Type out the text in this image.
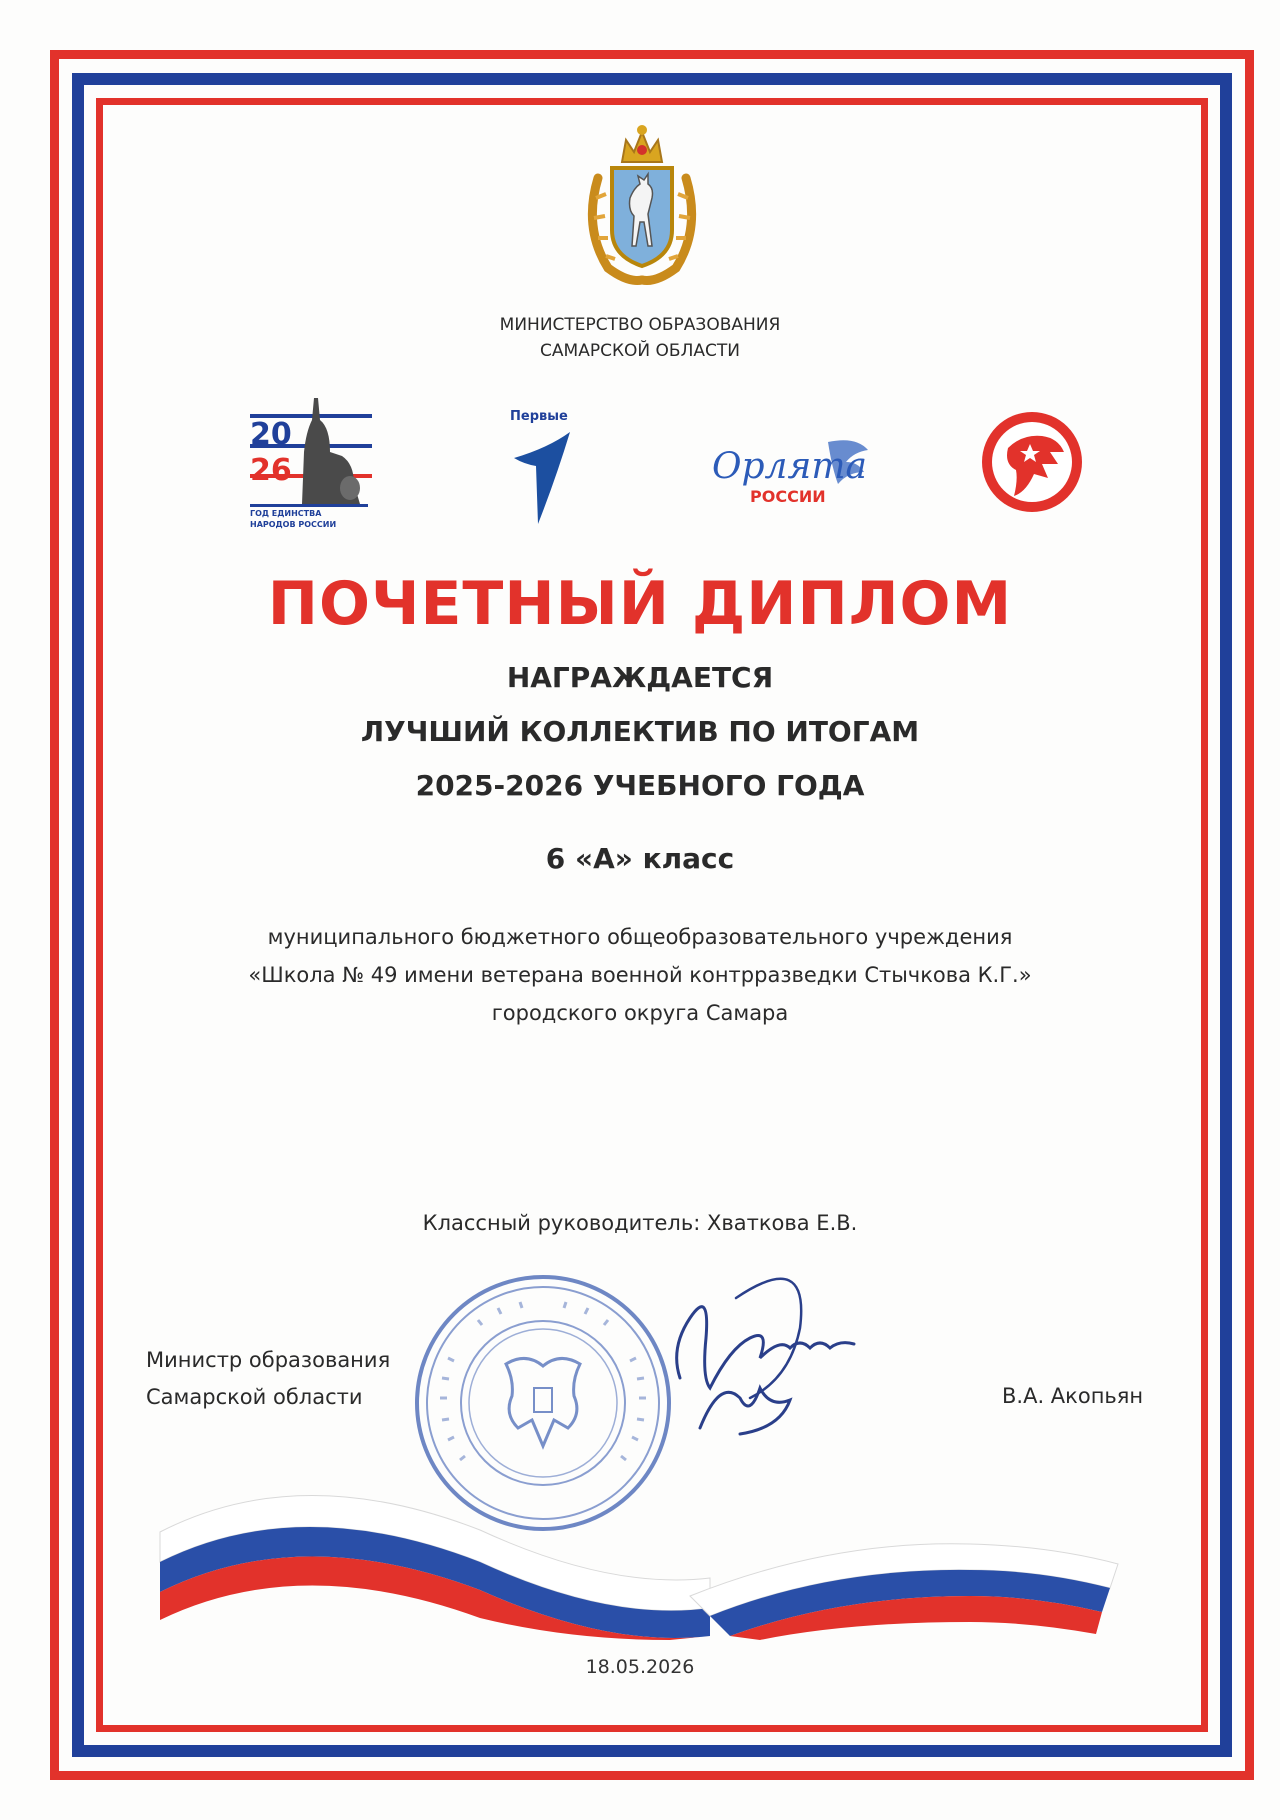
МИНИСТЕРСТВО ОБРАЗОВАНИЯ
САМАРСКОЙ ОБЛАСТИ
20
26
ГОД ЕДИНСТВА
НАРОДОВ РОССИИ
Первые
Орлята
РОССИИ
ПОЧЕТНЫЙ ДИПЛОМ
НАГРАЖДАЕТСЯ
ЛУЧШИЙ КОЛЛЕКТИВ ПО ИТОГАМ
2025-2026 УЧЕБНОГО ГОДА
6 «А» класс
муниципального бюджетного общеобразовательного учреждения
«Школа № 49 имени ветерана военной контрразведки Стычкова К.Г.»
городского округа Самара
Классный руководитель: Хваткова Е.В.
Министр образования
Самарской области	В.А. Акопьян
18.05.2026
